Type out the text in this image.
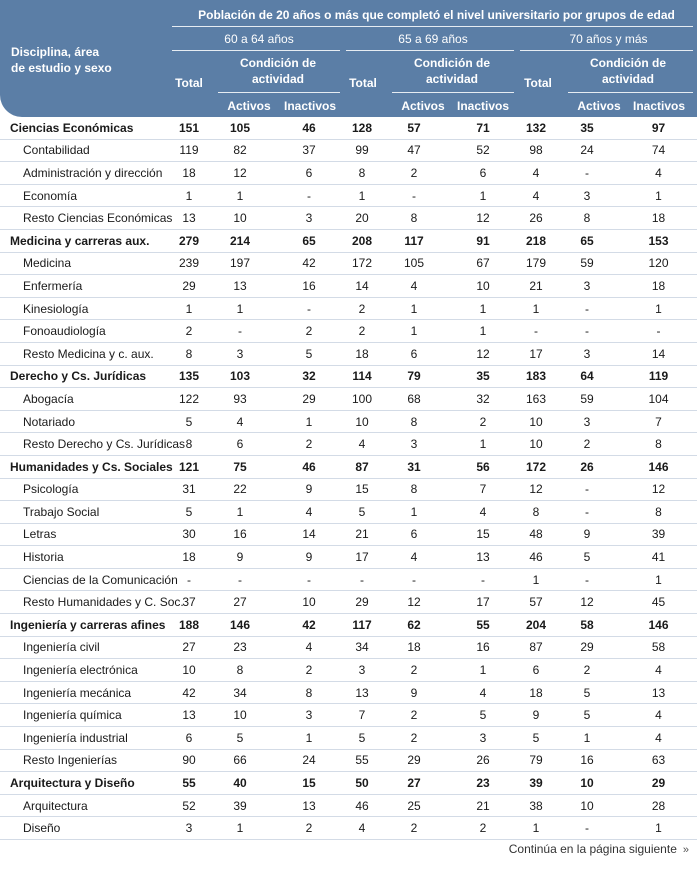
Disciplina, área
de estudio y sexo
Población de 20 años o más que completó el nivel universitario por grupos de edad
60 a 64 años	65 a 69 años	70 años y más
Total	Total	Total
Condición de
actividad
Condición de
actividad
Condición de
actividad
Activos	Inactivos	Activos	Inactivos	Activos	Inactivos
Ciencias Económicas	151	105	46	128	57	71	132	35	97
Contabilidad	119	82	37	99	47	52	98	24	74
Administración y dirección	18	12	6	8	2	6	4	-	4
Economía	1	1	-	1	-	1	4	3	1
Resto Ciencias Económicas	13	10	3	20	8	12	26	8	18
Medicina y carreras aux.	279	214	65	208	117	91	218	65	153
Medicina	239	197	42	172	105	67	179	59	120
Enfermería	29	13	16	14	4	10	21	3	18
Kinesiología	1	1	-	2	1	1	1	-	1
Fonoaudiología	2	-	2	2	1	1	-	-	-
Resto Medicina y c. aux.	8	3	5	18	6	12	17	3	14
Derecho y Cs. Jurídicas	135	103	32	114	79	35	183	64	119
Abogacía	122	93	29	100	68	32	163	59	104
Notariado	5	4	1	10	8	2	10	3	7
Resto Derecho y Cs. Jurídicas	8	6	2	4	3	1	10	2	8
Humanidades y Cs. Sociales	121	75	46	87	31	56	172	26	146
Psicología	31	22	9	15	8	7	12	-	12
Trabajo Social	5	1	4	5	1	4	8	-	8
Letras	30	16	14	21	6	15	48	9	39
Historia	18	9	9	17	4	13	46	5	41
Ciencias de la Comunicación	-	-	-	-	-	-	1	-	1
Resto Humanidades y C. Soc.	37	27	10	29	12	17	57	12	45
Ingeniería y carreras afines	188	146	42	117	62	55	204	58	146
Ingeniería civil	27	23	4	34	18	16	87	29	58
Ingeniería electrónica	10	8	2	3	2	1	6	2	4
Ingeniería mecánica	42	34	8	13	9	4	18	5	13
Ingeniería química	13	10	3	7	2	5	9	5	4
Ingeniería industrial	6	5	1	5	2	3	5	1	4
Resto Ingenierías	90	66	24	55	29	26	79	16	63
Arquitectura y Diseño	55	40	15	50	27	23	39	10	29
Arquitectura	52	39	13	46	25	21	38	10	28
Diseño	3	1	2	4	2	2	1	-	1
Continúa en la página siguiente »
